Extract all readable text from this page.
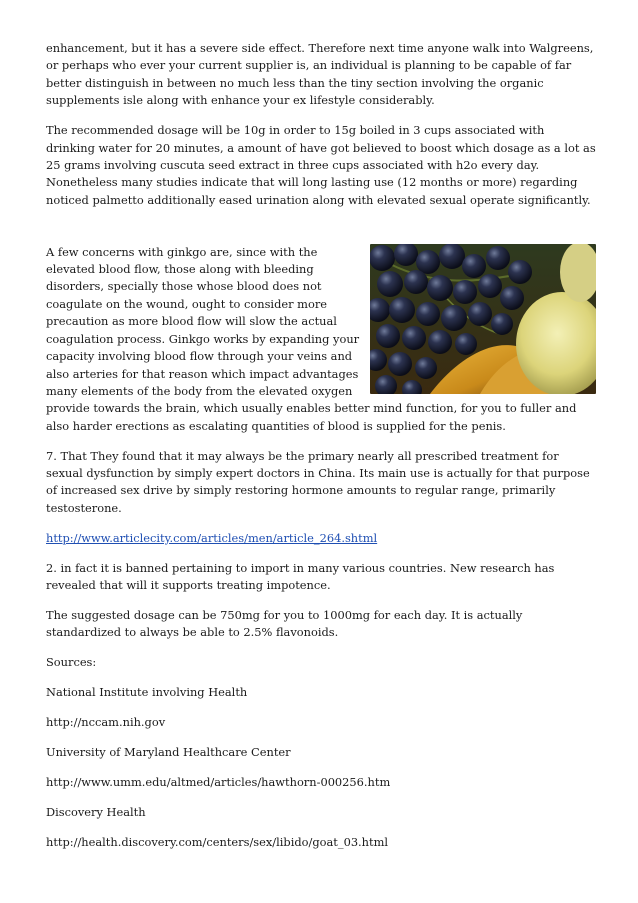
enhancement, but it has a severe side effect. Therefore next time anyone walk into Walgreens, or perhaps who ever your current supplier is, an individual is planning to be capable of far better distinguish in between no much less than the tiny section involving the organic supplements isle along with enhance your ex lifestyle considerably.

The recommended dosage will be 10g in order to 15g boiled in 3 cups associated with drinking water for 20 minutes, a amount of have got believed to boost which dosage as a lot as 25 grams involving cuscuta seed extract in three cups associated with h2o every day. Nonetheless many studies indicate that will long lasting use (12 months or more) regarding noticed palmetto additionally eased urination along with elevated sexual operate significantly.

A few concerns with ginkgo are, since with the elevated blood flow, those along with bleeding disorders, specially those whose blood does not coagulate on the wound, ought to consider more precaution as more blood flow will slow the actual coagulation process. Ginkgo works by expanding your capacity involving blood flow through your veins and also arteries for that reason which impact advantages many elements of the body from the elevated oxygen provide towards the brain, which usually enables better mind function, for you to fuller and also harder erections as escalating quantities of blood is supplied for the penis.

7. That They found that it may always be the primary nearly all prescribed treatment for sexual dysfunction by simply expert doctors in China. Its main use is actually for that purpose of increased sex drive by simply restoring hormone amounts to regular range, primarily testosterone.

http://www.articlecity.com/articles/men/article_264.shtml

2. in fact it is banned pertaining to import in many various countries. New research has revealed that will it supports treating impotence.

The suggested dosage can be 750mg for you to 1000mg for each day. It is actually standardized to always be able to 2.5% flavonoids.

Sources:

National Institute involving Health

http://nccam.nih.gov

University of Maryland Healthcare Center

http://www.umm.edu/altmed/articles/hawthorn-000256.htm

Discovery Health

http://health.discovery.com/centers/sex/libido/goat_03.html
